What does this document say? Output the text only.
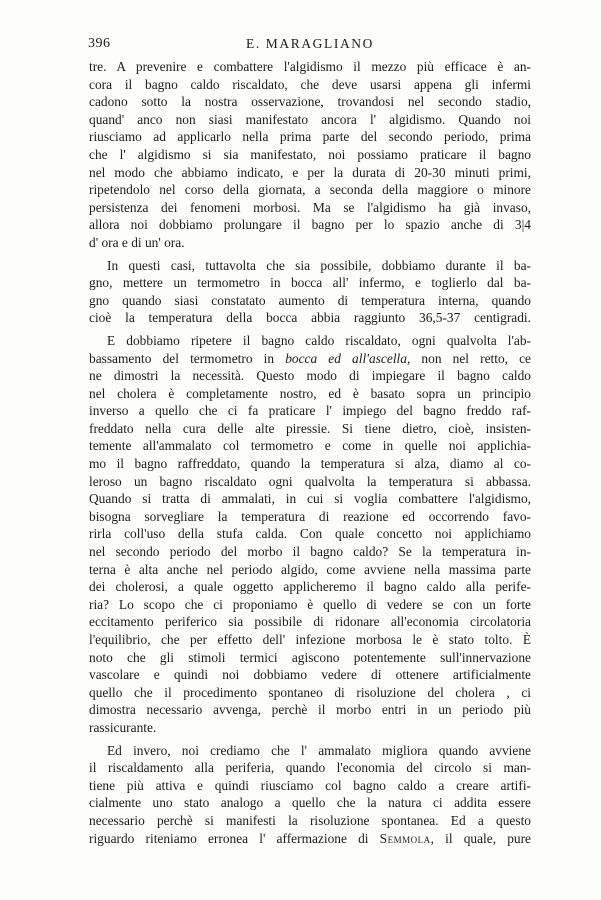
396	E. MARAGLIANO
tre. A prevenire e combattere l'algidismo il mezzo più efficace è an-
cora il bagno caldo riscaldato, che deve usarsi appena gli infermi
cadono sotto la nostra osservazione, trovandosi nel secondo stadio,
quand' anco non siasi manifestato ancora l' algidismo. Quando noi
riusciamo ad applicarlo nella prima parte del secondo periodo, prima
che l' algidismo si sia manifestato, noi possiamo praticare il bagno
nel modo che abbiamo indicato, e per la durata di 20-30 minuti primi,
ripetendolo nel corso della giornata, a seconda della maggiore o minore
persistenza dei fenomeni morbosi. Ma se l'algidismo ha già invaso,
allora noi dobbiamo prolungare il bagno per lo spazio anche di 3|4
d' ora e di un' ora.
In questi casi, tuttavolta che sia possibile, dobbiamo durante il ba-
gno, mettere un termometro in bocca all' infermo, e toglierlo dal ba-
gno quando siasi constatato aumento di temperatura interna, quando
cioè la temperatura della bocca abbia raggiunto 36,5-37 centigradi.
E dobbiamo ripetere il bagno caldo riscaldato, ogni qualvolta l'ab-
bassamento del termometro in bocca ed all'ascella, non nel retto, ce
ne dimostri la necessità. Questo modo di impiegare il bagno caldo
nel cholera è completamente nostro, ed è basato sopra un principio
inverso a quello che ci fa praticare l' impiego del bagno freddo raf-
freddato nella cura delle alte piressie. Si tiene dietro, cioè, insisten-
temente all'ammalato col termometro e come in quelle noi applichia-
mo il bagno raffreddato, quando la temperatura si alza, diamo al co-
leroso un bagno riscaldato ogni qualvolta la temperatura si abbassa.
Quando si tratta di ammalati, in cui si voglia combattere l'algidismo,
bisogna sorvegliare la temperatura di reazione ed occorrendo favo-
rirla coll'uso della stufa calda. Con quale concetto noi applichiamo
nel secondo periodo del morbo il bagno caldo? Se la temperatura in-
terna è alta anche nel periodo algido, come avviene nella massima parte
dei cholerosi, a quale oggetto applicheremo il bagno caldo alla perife-
ria? Lo scopo che ci proponiamo è quello di vedere se con un forte
eccitamento periferico sia possibile di ridonare all'economia circolatoria
l'equilibrio, che per effetto dell' infezione morbosa le è stato tolto. È
noto che gli stimoli termici agiscono potentemente sull'innervazione
vascolare e quindi noi dobbiamo vedere di ottenere artificialmente
quello che il procedimento spontaneo di risoluzione del cholera , ci
dimostra necessario avvenga, perchè il morbo entri in un periodo più
rassicurante.
Ed invero, noi crediamo che l' ammalato migliora quando avviene
il riscaldamento alla periferia, quando l'economia del circolo si man-
tiene più attiva e quindi riusciamo col bagno caldo a creare artifi-
cialmente uno stato analogo a quello che la natura ci addita essere
necessario perchè si manifesti la risoluzione spontanea. Ed a questo
riguardo riteniamo erronea l' affermazione di Semmola, il quale, pure
